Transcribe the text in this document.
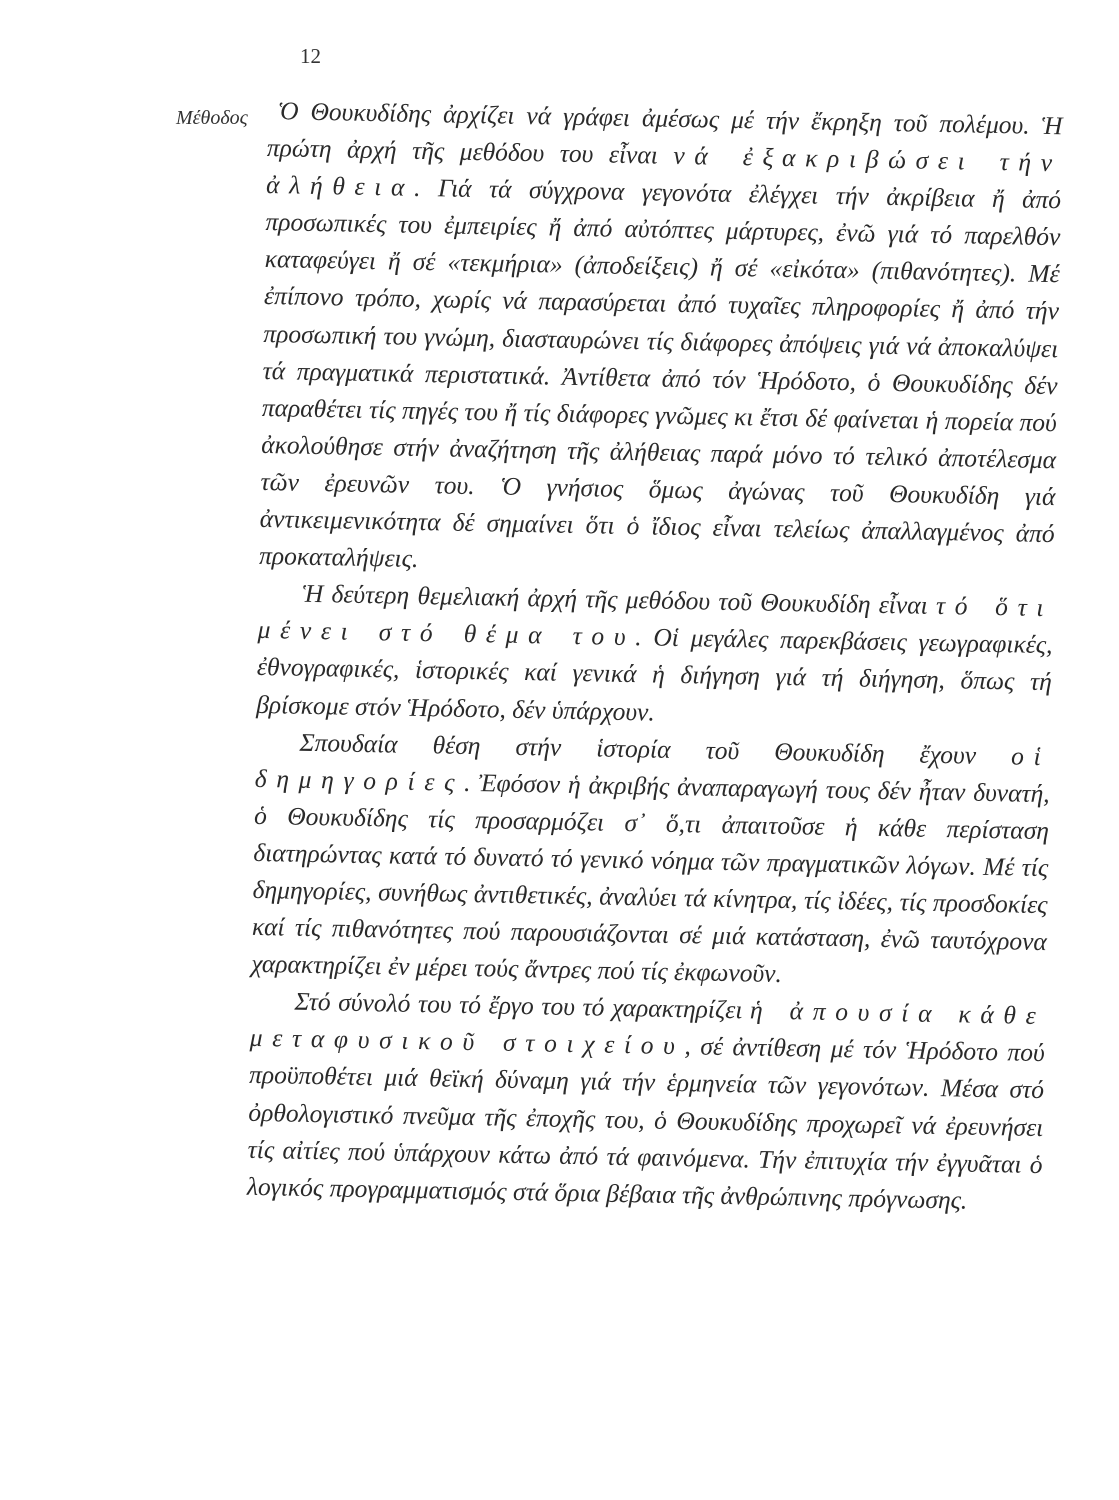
12
Μέθοδος	Ὁ Θουκυδίδης ἀρχίζει νά γράφει ἀμέσως μέ τήν ἔκρηξη τοῦ πολέμου. Ἡ πρώτη ἀρχή τῆς μεθόδου του εἶναι νά ἐξακριβώσει τήν ἀλήθεια. Γιά τά σύγχρονα γεγονότα ἐλέγχει τήν ἀκρίβεια ἤ ἀπό προσωπικές του ἐμπειρίες ἤ ἀπό αὐτόπτες μάρτυρες, ἐνῶ γιά τό παρελθόν καταφεύγει ἤ σέ «τεκμήρια» (ἀποδείξεις) ἤ σέ «εἰκότα» (πιθανότητες). Μέ ἐπίπονο τρόπο, χωρίς νά παρασύρεται ἀπό τυχαῖες πληροφορίες ἤ ἀπό τήν προσωπική του γνώμη, διασταυρώνει τίς διάφορες ἀπόψεις γιά νά ἀποκαλύψει τά πραγματικά περιστατικά. Ἀντίθετα ἀπό τόν Ἡρόδοτο, ὁ Θουκυδίδης δέν παραθέτει τίς πηγές του ἤ τίς διάφορες γνῶμες κι ἔτσι δέ φαίνεται ἡ πορεία πού ἀκολούθησε στήν ἀναζήτηση τῆς ἀλήθειας παρά μόνο τό τελικό ἀποτέλεσμα τῶν ἐρευνῶν του. Ὁ γνήσιος ὅμως ἀγώνας τοῦ Θουκυδίδη γιά ἀντικειμενικότητα δέ σημαίνει ὅτι ὁ ἴδιος εἶναι τελείως ἀπαλλαγμένος ἀπό προκαταλήψεις.

Ἡ δεύτερη θεμελιακή ἀρχή τῆς μεθόδου τοῦ Θουκυδίδη εἶναι τό ὅτι μένει στό θέμα του. Οἱ μεγάλες παρεκβάσεις γεωγραφικές, ἐθνογραφικές, ἱστορικές καί γενικά ἡ διήγηση γιά τή διήγηση, ὅπως τή βρίσκομε στόν Ἡρόδοτο, δέν ὑπάρχουν.

Σπουδαία θέση στήν ἱστορία τοῦ Θουκυδίδη ἔχουν οἱ δημηγορίες. Ἐφόσον ἡ ἀκριβής ἀναπαραγωγή τους δέν ἦταν δυνατή, ὁ Θουκυδίδης τίς προσαρμόζει σ᾽ ὅ,τι ἀπαιτοῦσε ἡ κάθε περίσταση διατηρώντας κατά τό δυνατό τό γενικό νόημα τῶν πραγματικῶν λόγων. Μέ τίς δημηγορίες, συνήθως ἀντιθετικές, ἀναλύει τά κίνητρα, τίς ἰδέες, τίς προσδοκίες καί τίς πιθανότητες πού παρουσιάζονται σέ μιά κατάσταση, ἐνῶ ταυτόχρονα χαρακτηρίζει ἐν μέρει τούς ἄντρες πού τίς ἐκφωνοῦν.

Στό σύνολό του τό ἔργο του τό χαρακτηρίζει ἡ ἀπουσία κάθε μεταφυσικοῦ στοιχείου, σέ ἀντίθεση μέ τόν Ἡρόδοτο πού προϋποθέτει μιά θεϊκή δύναμη γιά τήν ἑρμηνεία τῶν γεγονότων. Μέσα στό ὀρθολογιστικό πνεῦμα τῆς ἐποχῆς του, ὁ Θουκυδίδης προχωρεῖ νά ἐρευνήσει τίς αἰτίες πού ὑπάρχουν κάτω ἀπό τά φαινόμενα. Τήν ἐπιτυχία τήν ἐγγυᾶται ὁ λογικός προγραμματισμός στά ὅρια βέβαια τῆς ἀνθρώπινης πρόγνωσης.
